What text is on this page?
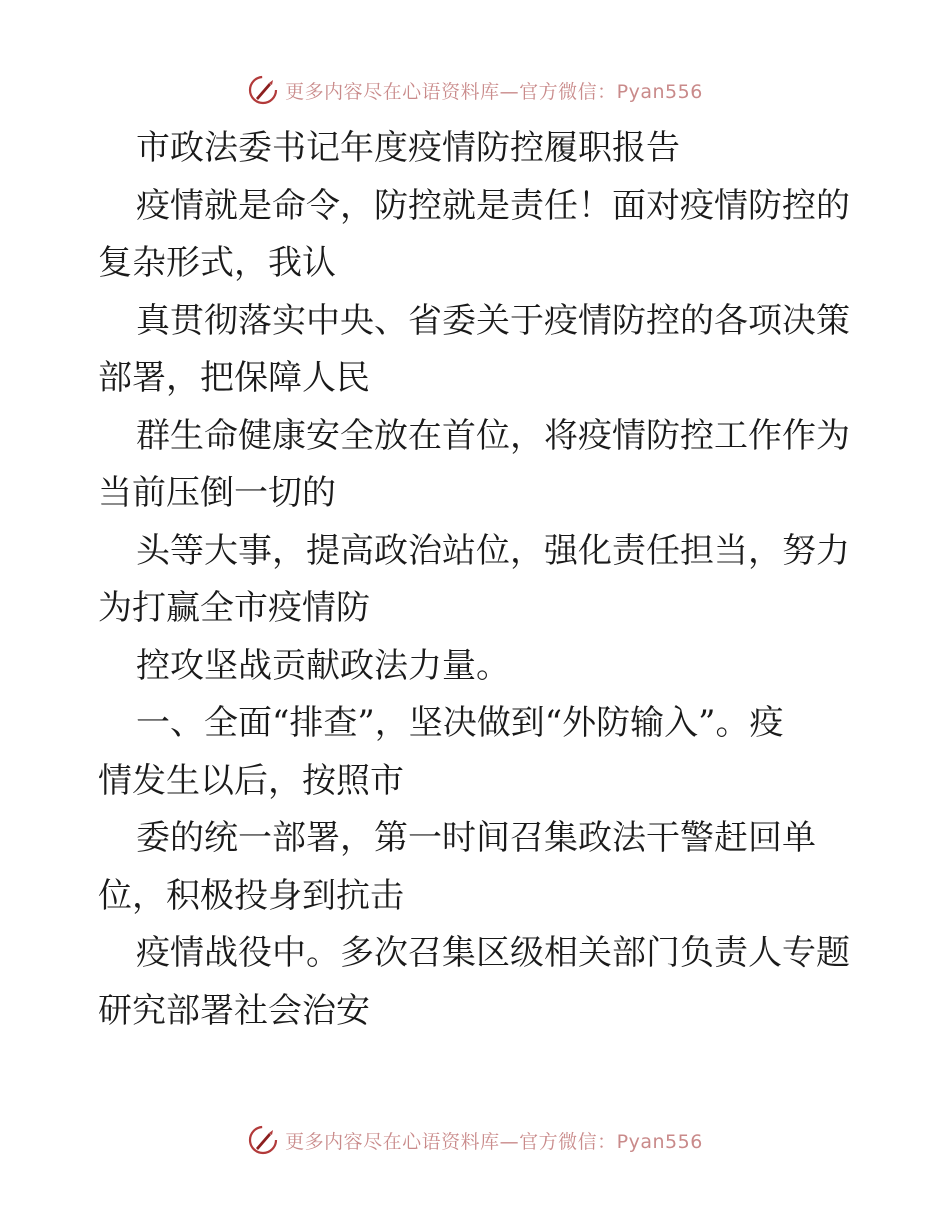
更多内容尽在心语资料库—官方微信：Pyan556

市政法委书记年度疫情防控履职报告

疫情就是命令，防控就是责任！面对疫情防控的
复杂形式，我认

真贯彻落实中央、省委关于疫情防控的各项决策
部署，把保障人民

群生命健康安全放在首位，将疫情防控工作作为
当前压倒一切的

头等大事，提高政治站位，强化责任担当，努力
为打赢全市疫情防

控攻坚战贡献政法力量。

一、全面“排查”，坚决做到“外防输入”。疫
情发生以后，按照市

委的统一部署，第一时间召集政法干警赶回单
位，积极投身到抗击

疫情战役中。多次召集区级相关部门负责人专题
研究部署社会治安

更多内容尽在心语资料库—官方微信：Pyan556
